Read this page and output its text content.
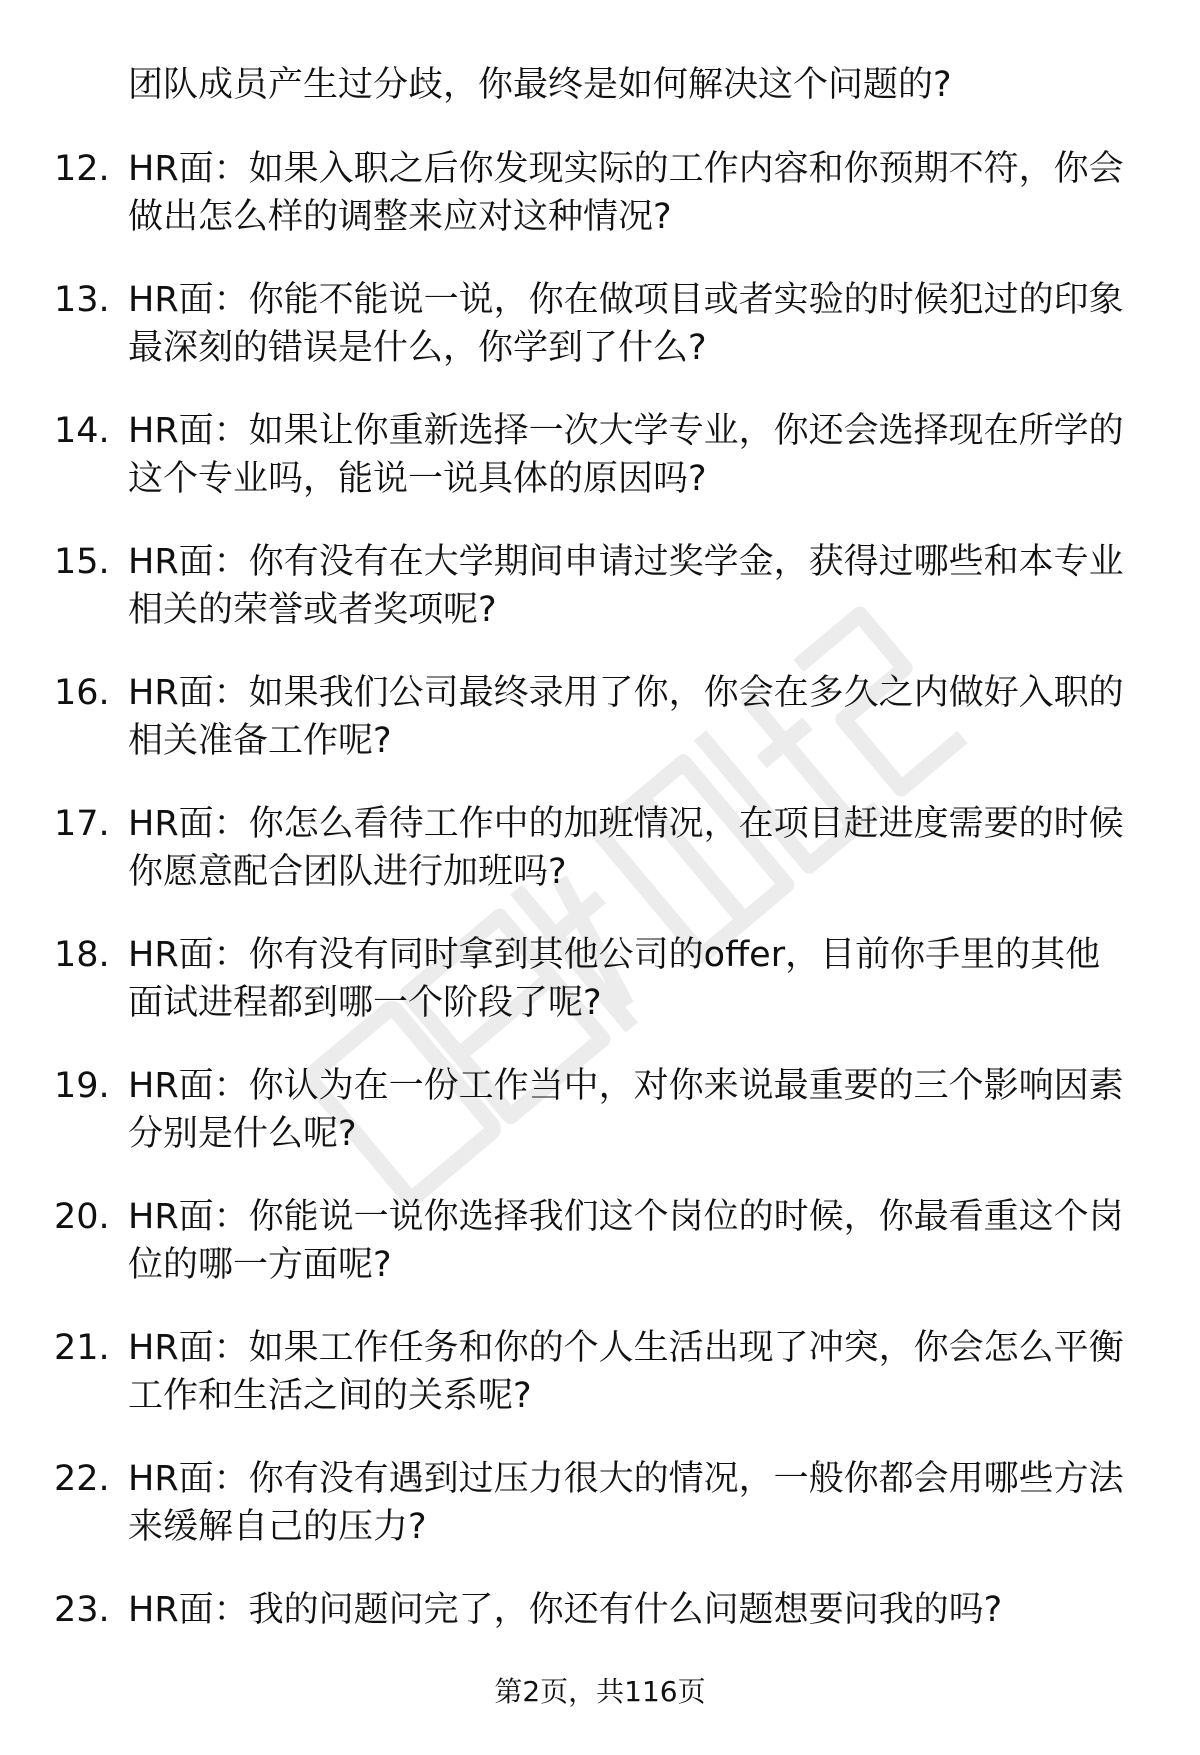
团队成员产生过分歧，你最终是如何解决这个问题的?
12. HR面：如果入职之后你发现实际的工作内容和你预期不符，你会
做出怎么样的调整来应对这种情况?
13. HR面：你能不能说一说，你在做项目或者实验的时候犯过的印象
最深刻的错误是什么，你学到了什么?
14. HR面：如果让你重新选择一次大学专业，你还会选择现在所学的
这个专业吗，能说一说具体的原因吗?
15. HR面：你有没有在大学期间申请过奖学金，获得过哪些和本专业
相关的荣誉或者奖项呢?
16. HR面：如果我们公司最终录用了你，你会在多久之内做好入职的
相关准备工作呢?
17. HR面：你怎么看待工作中的加班情况，在项目赶进度需要的时候
你愿意配合团队进行加班吗?
18. HR面：你有没有同时拿到其他公司的offer，目前你手里的其他
面试进程都到哪一个阶段了呢?
19. HR面：你认为在一份工作当中，对你来说最重要的三个影响因素
分别是什么呢?
20. HR面：你能说一说你选择我们这个岗位的时候，你最看重这个岗
位的哪一方面呢?
21. HR面：如果工作任务和你的个人生活出现了冲突，你会怎么平衡
工作和生活之间的关系呢?
22. HR面：你有没有遇到过压力很大的情况，一般你都会用哪些方法
来缓解自己的压力?
23. HR面：我的问题问完了，你还有什么问题想要问我的吗?
第2页，共116页
